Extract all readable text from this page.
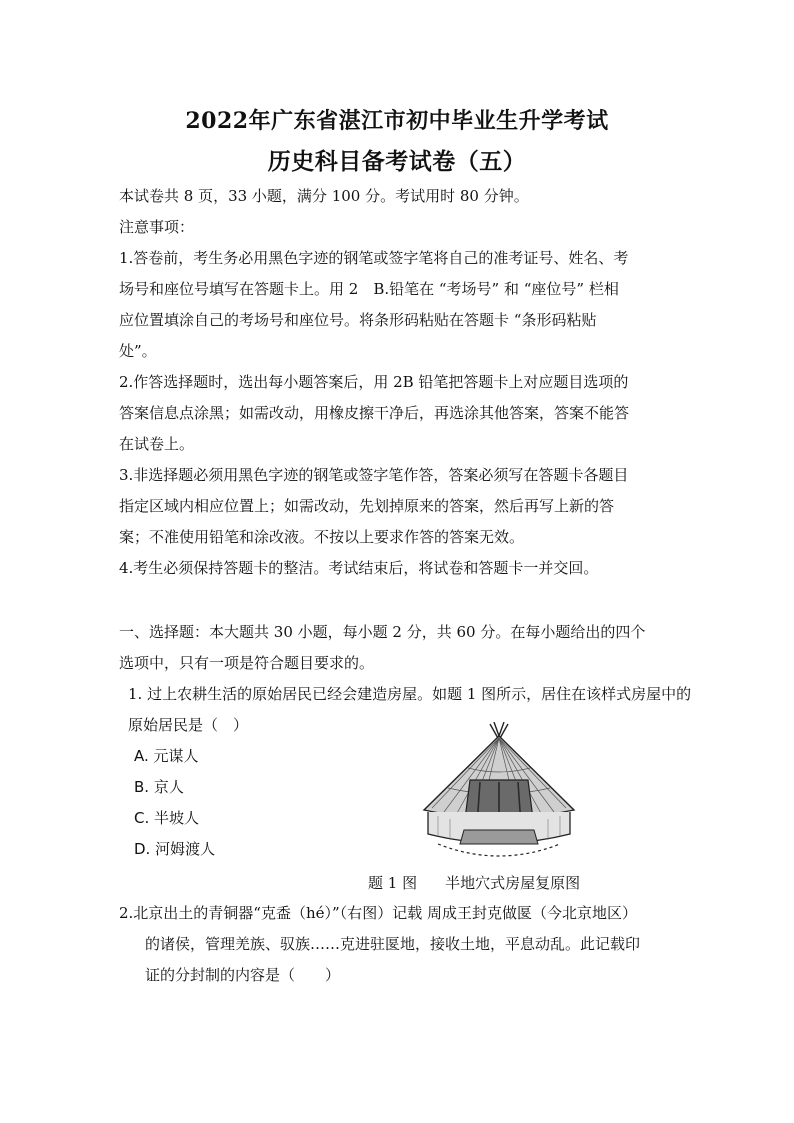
2022年广东省湛江市初中毕业生升学考试
历史科目备考试卷（五）
本试卷共 8 页，33 小题，满分 100 分。考试用时 80 分钟。
注意事项：
1.答卷前，考生务必用黑色字迹的钢笔或签字笔将自己的准考证号、姓名、考
场号和座位号填写在答题卡上。用 2　B.铅笔在 “考场号” 和 “座位号” 栏相
应位置填涂自己的考场号和座位号。将条形码粘贴在答题卡 “条形码粘贴
处”。
2.作答选择题时，选出每小题答案后，用 2B 铅笔把答题卡上对应题目选项的
答案信息点涂黑；如需改动，用橡皮擦干净后，再选涂其他答案，答案不能答
在试卷上。
3.非选择题必须用黑色字迹的钢笔或签字笔作答，答案必须写在答题卡各题目
指定区域内相应位置上；如需改动，先划掉原来的答案，然后再写上新的答
案；不准使用铅笔和涂改液。不按以上要求作答的答案无效。
4.考生必须保持答题卡的整洁。考试结束后，将试卷和答题卡一并交回。
一、选择题：本大题共 30 小题，每小题 2 分，共 60 分。在每小题给出的四个
选项中，只有一项是符合题目要求的。
1. 过上农耕生活的原始居民已经会建造房屋。如题 1 图所示，居住在该样式房屋中的
原始居民是（　）
A. 元谋人
B. 京人
C. 半坡人
D. 河姆渡人
题 1 图 半地穴式房屋复原图
2.北京出土的青铜器“克盉（hé）”（右图）记载 周成王封克做匽（今北京地区）
的诸侯，管理羌族、驭族……克进驻匽地，接收土地，平息动乱。此记载印
证的分封制的内容是（　　）
